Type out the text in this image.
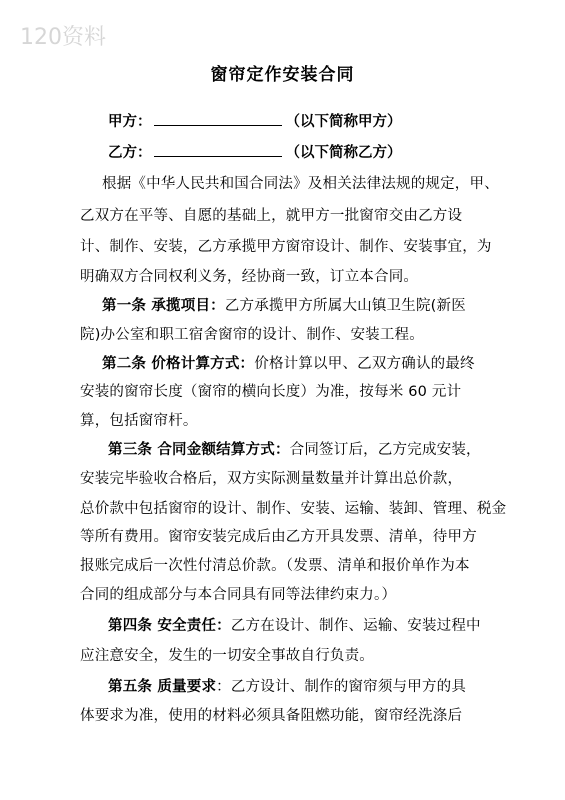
120资料
窗帘定作安装合同
甲方：	（以下简称甲方）
乙方：	（以下简称乙方）
根据《中华人民共和国合同法》及相关法律法规的规定，甲、
乙双方在平等、自愿的基础上，就甲方一批窗帘交由乙方设
计、制作、安装，乙方承揽甲方窗帘设计、制作、安装事宜，为
明确双方合同权利义务，经协商一致，订立本合同。
第一条 承揽项目：乙方承揽甲方所属大山镇卫生院(新医
院)办公室和职工宿舍窗帘的设计、制作、安装工程。
第二条 价格计算方式：价格计算以甲、乙双方确认的最终
安装的窗帘长度（窗帘的横向长度）为准，按每米 60 元计
算，包括窗帘杆。
第三条 合同金额结算方式：合同签订后，乙方完成安装，
安装完毕验收合格后，双方实际测量数量并计算出总价款，
总价款中包括窗帘的设计、制作、安装、运输、装卸、管理、税金
等所有费用。窗帘安装完成后由乙方开具发票、清单，待甲方
报账完成后一次性付清总价款。（发票、清单和报价单作为本
合同的组成部分与本合同具有同等法律约束力。）
第四条 安全责任：乙方在设计、制作、运输、安装过程中
应注意安全，发生的一切安全事故自行负责。
第五条 质量要求：乙方设计、制作的窗帘须与甲方的具
体要求为准，使用的材料必须具备阻燃功能，窗帘经洗涤后
